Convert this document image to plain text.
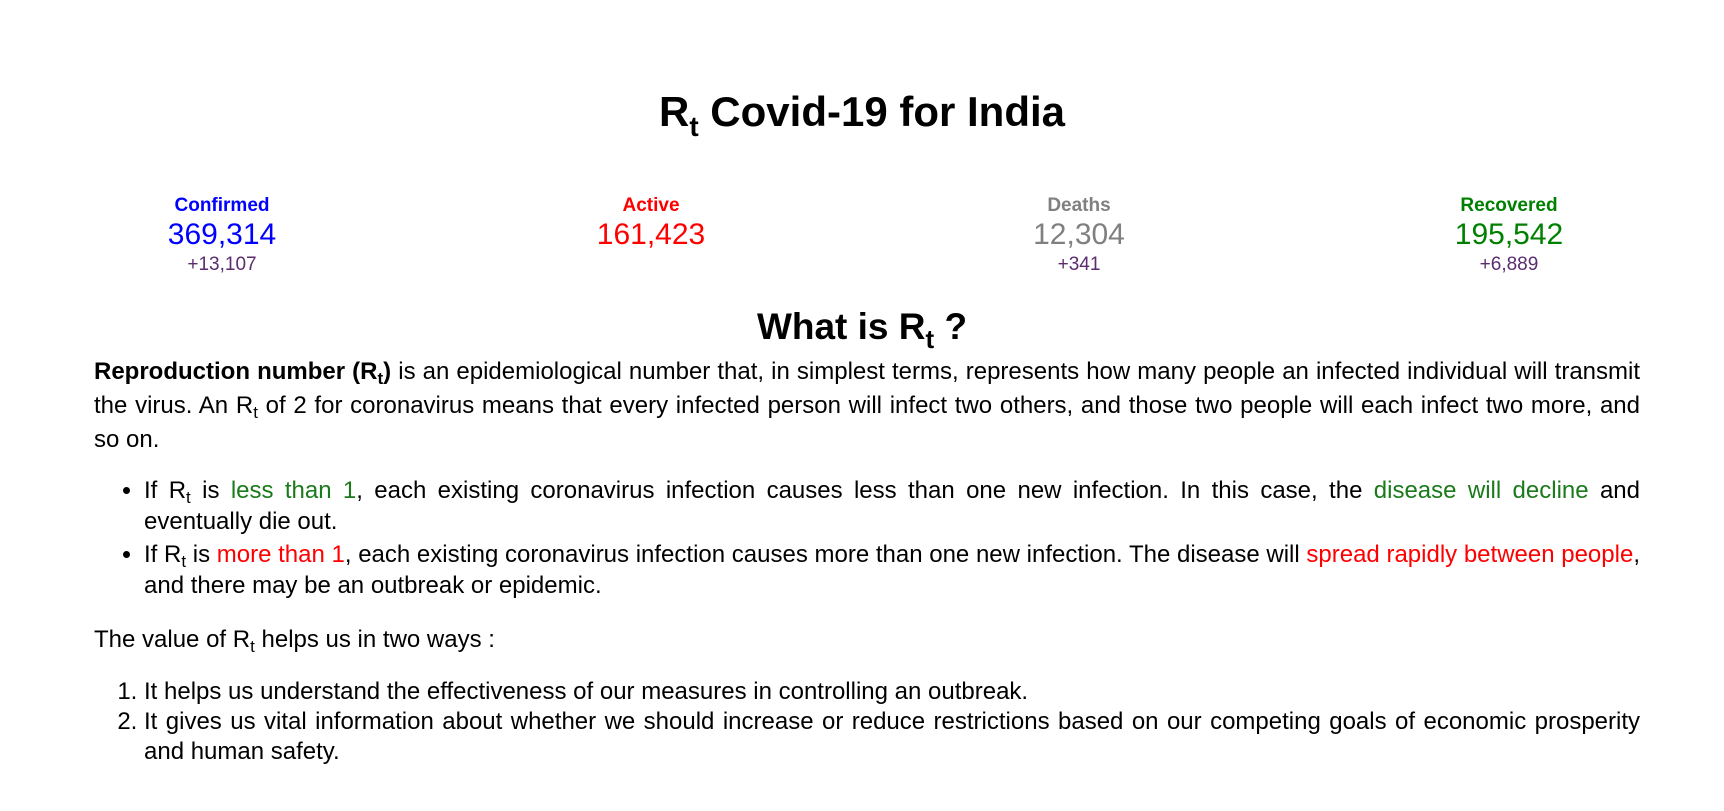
$R_t$ Covid-19 for India
Confirmed
369,314
+13,107
Active
161,423
Deaths
12,304
+341
Recovered
195,542
+6,889
What is $R_t$ ?

Reproduction number $(R_t)$ is an epidemiological number that, in simplest terms, represents how many people an infected individual will transmit the virus. An $R_t$ of 2 for coronavirus means that every infected person will infect two others, and those two people will each infect two more, and so on.

• If $R_t$ is less than 1, each existing coronavirus infection causes less than one new infection. In this case, the disease will decline and eventually die out.
• If $R_t$ is more than 1, each existing coronavirus infection causes more than one new infection. The disease will spread rapidly between people, and there may be an outbreak or epidemic.

The value of $R_t$ helps us in two ways :

1. It helps us understand the effectiveness of our measures in controlling an outbreak.
2. It gives us vital information about whether we should increase or reduce restrictions based on our competing goals of economic prosperity and human safety.
